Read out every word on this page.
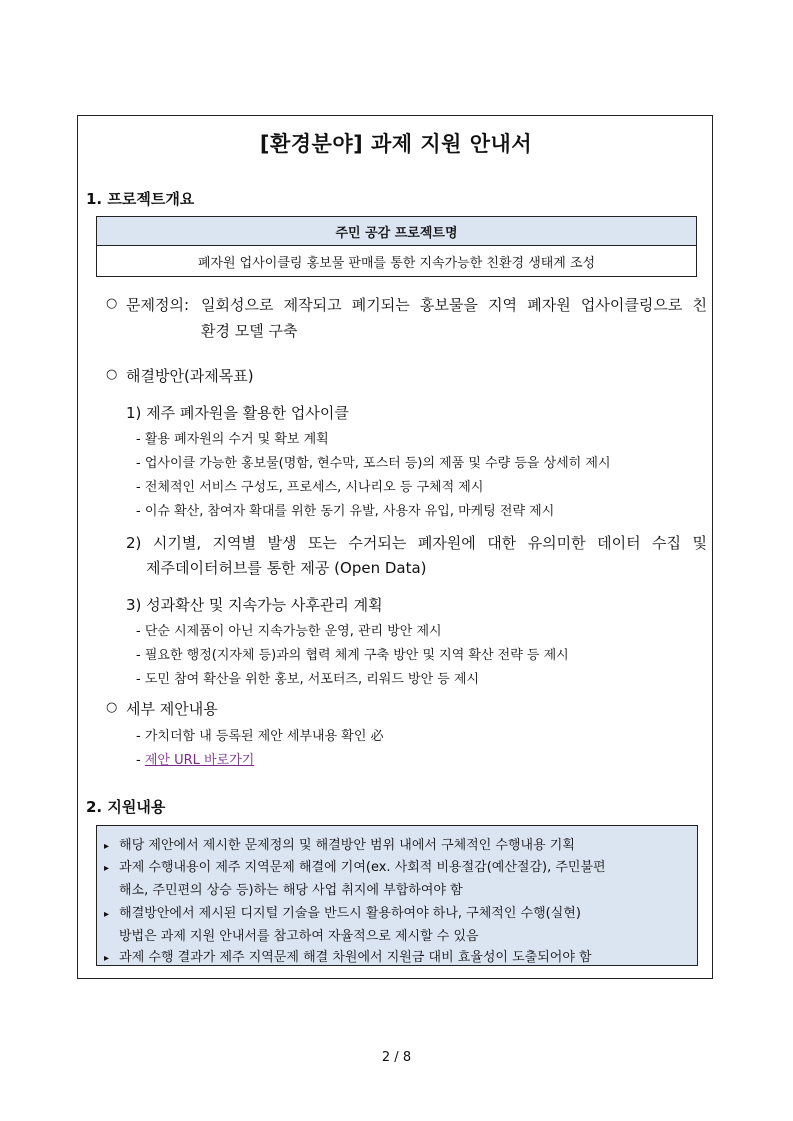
[환경분야] 과제 지원 안내서
1. 프로젝트개요
주민 공감 프로젝트명
폐자원 업사이클링 홍보물 판매를 통한 지속가능한 친환경 생태계 조성
○ 문제정의: 일회성으로 제작되고 폐기되는 홍보물을 지역 폐자원 업사이클링으로 친
환경 모델 구축
○ 해결방안(과제목표)
1) 제주 폐자원을 활용한 업사이클
- 활용 폐자원의 수거 및 확보 계획
- 업사이클 가능한 홍보물(명함, 현수막, 포스터 등)의 제품 및 수량 등을 상세히 제시
- 전체적인 서비스 구성도, 프로세스, 시나리오 등 구체적 제시
- 이슈 확산, 참여자 확대를 위한 동기 유발, 사용자 유입, 마케팅 전략 제시
2) 시기별, 지역별 발생 또는 수거되는 폐자원에 대한 유의미한 데이터 수집 및
제주데이터허브를 통한 제공 (Open Data)
3) 성과확산 및 지속가능 사후관리 계획
- 단순 시제품이 아닌 지속가능한 운영, 관리 방안 제시
- 필요한 행정(지자체 등)과의 협력 체계 구축 방안 및 지역 확산 전략 등 제시
- 도민 참여 확산을 위한 홍보, 서포터즈, 리워드 방안 등 제시
○ 세부 제안내용
- 가치더함 내 등록된 제안 세부내용 확인 必
- 제안 URL 바로가기
2. 지원내용
▸ 해당 제안에서 제시한 문제정의 및 해결방안 범위 내에서 구체적인 수행내용 기획
▸ 과제 수행내용이 제주 지역문제 해결에 기여(ex. 사회적 비용절감(예산절감), 주민불편
해소, 주민편의 상승 등)하는 해당 사업 취지에 부합하여야 함
▸ 해결방안에서 제시된 디지털 기술을 반드시 활용하여야 하나, 구체적인 수행(실현)
방법은 과제 지원 안내서를 참고하여 자율적으로 제시할 수 있음
▸ 과제 수행 결과가 제주 지역문제 해결 차원에서 지원금 대비 효율성이 도출되어야 함
2 / 8
